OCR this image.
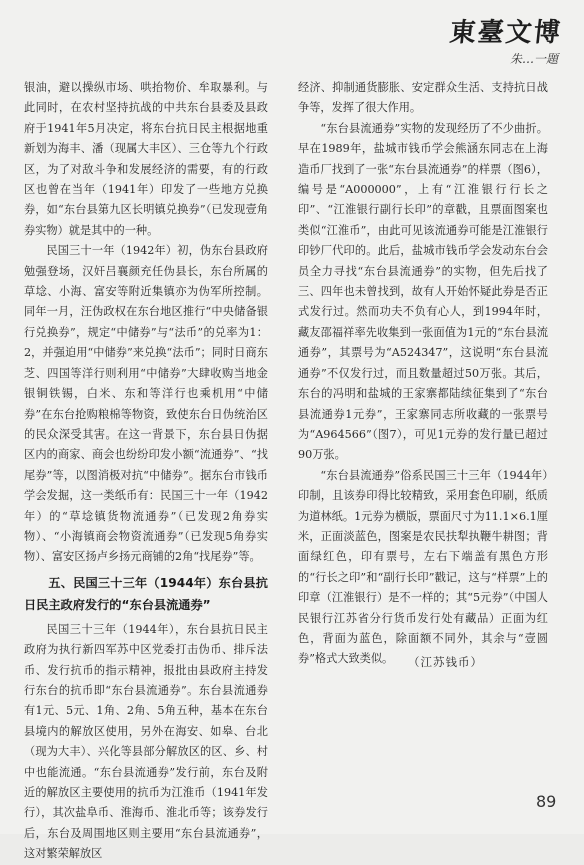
東臺文博
朱…一題

银油，避以操纵市场、哄抬物价、牟取暴利。与此同时，在农村坚持抗战的中共东台县委及县政府于1941年5月决定，将东台抗日民主根据地重新划为海丰、潘（现属大丰区）、三仓等九个行政区，为了对敌斗争和发展经济的需要，有的行政区也曾在当年（1941年）印发了一些地方兑换券，如“东台县第九区长明镇兑换券”（已发现壹角券实物）就是其中的一种。

民国三十一年（1942年）初，伪东台县政府勉强登场，汉奸吕襄颜充任伪县长，东台所属的草埝、小海、富安等附近集镇亦为伪军所控制。同年一月，汪伪政权在东台地区推行“中央储备银行兑换券”，规定“中储券”与“法币”的兑率为1：2，并强迫用“中储券”来兑换“法币”；同时日商东芝、四国等洋行则利用“中储券”大肆收购当地金银铜铁锡，白米、东和等洋行也乘机用“中储券”在东台抢购粮棉等物资，致使东台日伪统治区的民众深受其害。在这一背景下，东台县日伪据区内的商家、商会也纷纷印发小额“流通券”、“找尾券”等，以图消极对抗“中储券”。据东台市钱币学会发掘，这一类纸币有：民国三十一年（1942年）的“草埝镇货物流通券”（已发现2角券实物）、“小海镇商会物资流通券”（已发现5角券实物）、富安区扬卢乡扬元商铺的2角“找尾券”等。

五、民国三十三年（1944年）东台县抗日民主政府发行的“东台县流通券”

民国三十三年（1944年），东台县抗日民主政府为执行新四军苏中区党委打击伪币、排斥法币、发行抗币的指示精神，报批由县政府主持发行东台的抗币即“东台县流通券”。东台县流通券有1元、5元、1角、2角、5角五种，基本在东台县境内的解放区使用，另外在海安、如皋、台北（现为大丰）、兴化等县部分解放区的区、乡、村中也能流通。“东台县流通券”发行前，东台及附近的解放区主要使用的抗币为江淮币（1941年发行），其次盐阜币、淮海币、淮北币等；该券发行后，东台及周围地区则主要用“东台县流通券”，这对繁荣解放区

经济、抑制通货膨胀、安定群众生活、支持抗日战争等，发挥了很大作用。

“东台县流通券”实物的发现经历了不少曲折。早在1989年，盐城市钱币学会熊涵东同志在上海造币厂找到了一张“东台县流通券”的样票（图6），编号是“A000000”，上有“江淮银行行长之印”、“江淮银行副行长印”的章戳，且票面图案也类似“江淮币”，由此可见该流通券可能是江淮银行印钞厂代印的。此后，盐城市钱币学会发动东台会员全力寻找“东台县流通券”的实物，但先后找了三、四年也未曾找到，故有人开始怀疑此券是否正式发行过。然而功夫不负有心人，到1994年时，藏友邵福祥率先收集到一张面值为1元的“东台县流通券”，其票号为“A524347”，这说明“东台县流通券”不仅发行过，而且数量超过50万张。其后，东台的冯明和盐城的王家寨都陆续征集到了“东台县流通券1元券”，王家寨同志所收藏的一张票号为“A964566”（图7），可见1元券的发行量已超过90万张。

“东台县流通券”俗系民国三十三年（1944年）印制，且该券印得比较精致，采用套色印刷，纸质为道林纸。1元券为横版，票面尺寸为11.1×6.1厘米，正面淡蓝色，图案是农民扶犁执鞭牛耕图；背面绿红色，印有票号，左右下端盖有黑色方形的“行长之印”和“副行长印”戳记，这与“样票”上的印章（江淮银行）是不一样的；其“5元券”（中国人民银行江苏省分行货币发行处有藏品）正面为红色，背面为蓝色，除面额不同外，其余与“壹圆券”格式大致类似。	（江苏钱币）
89
